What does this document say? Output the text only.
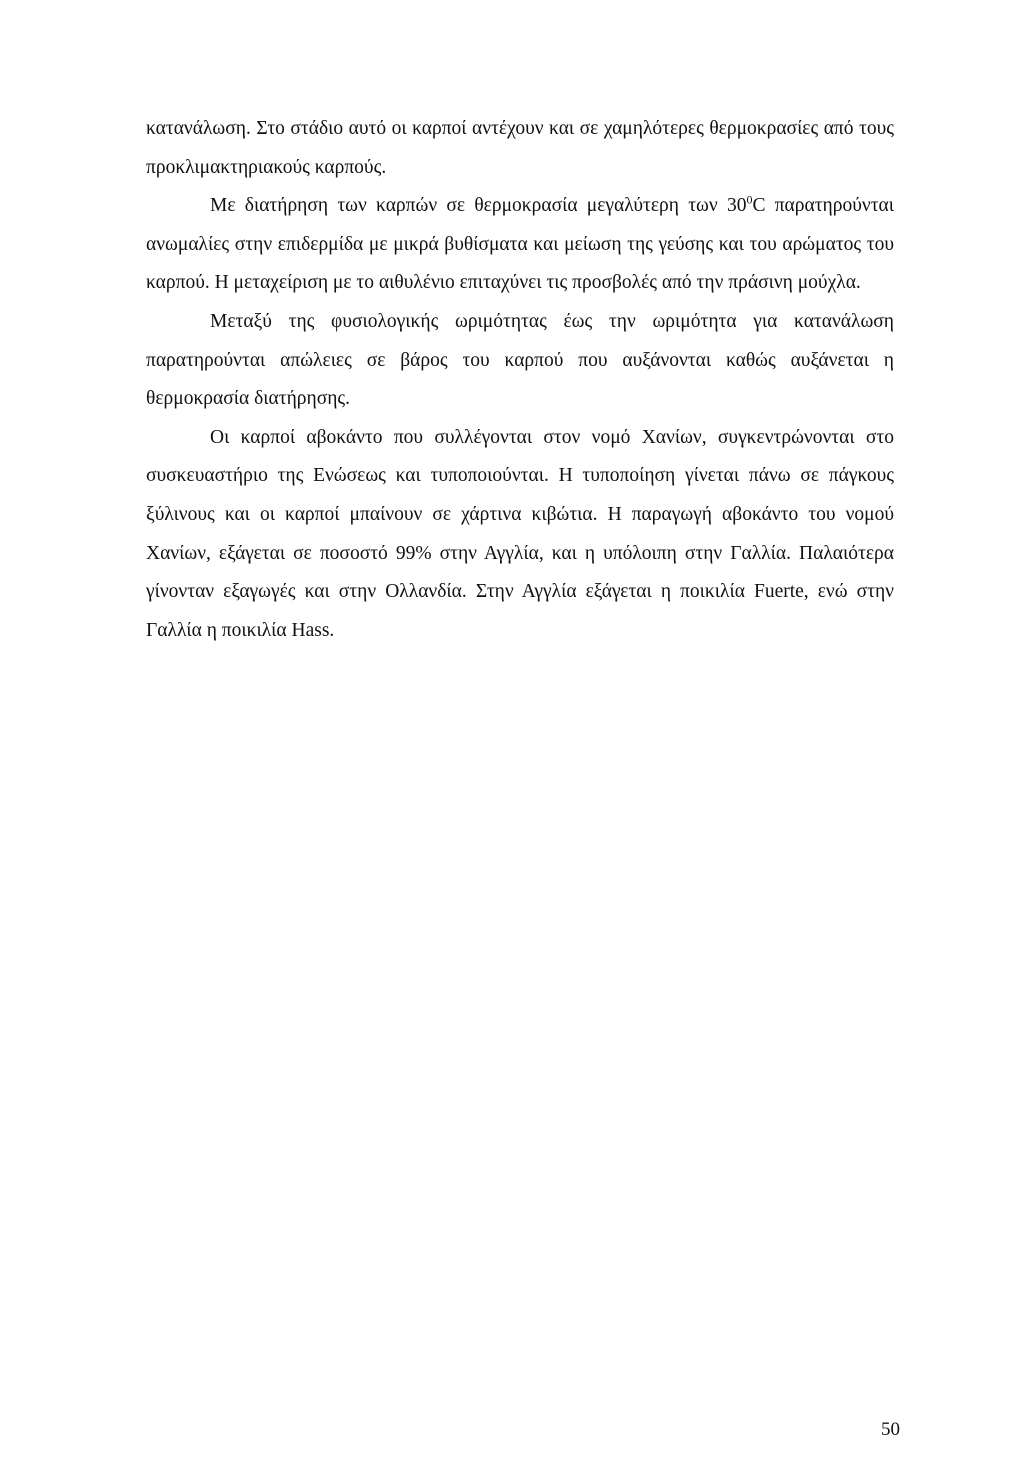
κατανάλωση. Στο στάδιο αυτό οι καρποί αντέχουν και σε χαμηλότερες θερμοκρασίες από τους προκλιμακτηριακούς καρπούς.

Με διατήρηση των καρπών σε θερμοκρασία μεγαλύτερη των $30^0C$ παρατηρούνται ανωμαλίες στην επιδερμίδα με μικρά βυθίσματα και μείωση της γεύσης και του αρώματος του καρπού. Η μεταχείριση με το αιθυλένιο επιταχύνει τις προσβολές από την πράσινη μούχλα.

Μεταξύ της φυσιολογικής ωριμότητας έως την ωριμότητα για κατανάλωση παρατηρούνται απώλειες σε βάρος του καρπού που αυξάνονται καθώς αυξάνεται η θερμοκρασία διατήρησης.

Οι καρποί αβοκάντο που συλλέγονται στον νομό Χανίων, συγκεντρώνονται στο συσκευαστήριο της Ενώσεως και τυποποιούνται. Η τυποποίηση γίνεται πάνω σε πάγκους ξύλινους και οι καρποί μπαίνουν σε χάρτινα κιβώτια. Η παραγωγή αβοκάντο του νομού Χανίων, εξάγεται σε ποσοστό 99% στην Αγγλία, και η υπόλοιπη στην Γαλλία. Παλαιότερα γίνονταν εξαγωγές και στην Ολλανδία. Στην Αγγλία εξάγεται η ποικιλία Fuerte, ενώ στην Γαλλία η ποικιλία Hass.

50
